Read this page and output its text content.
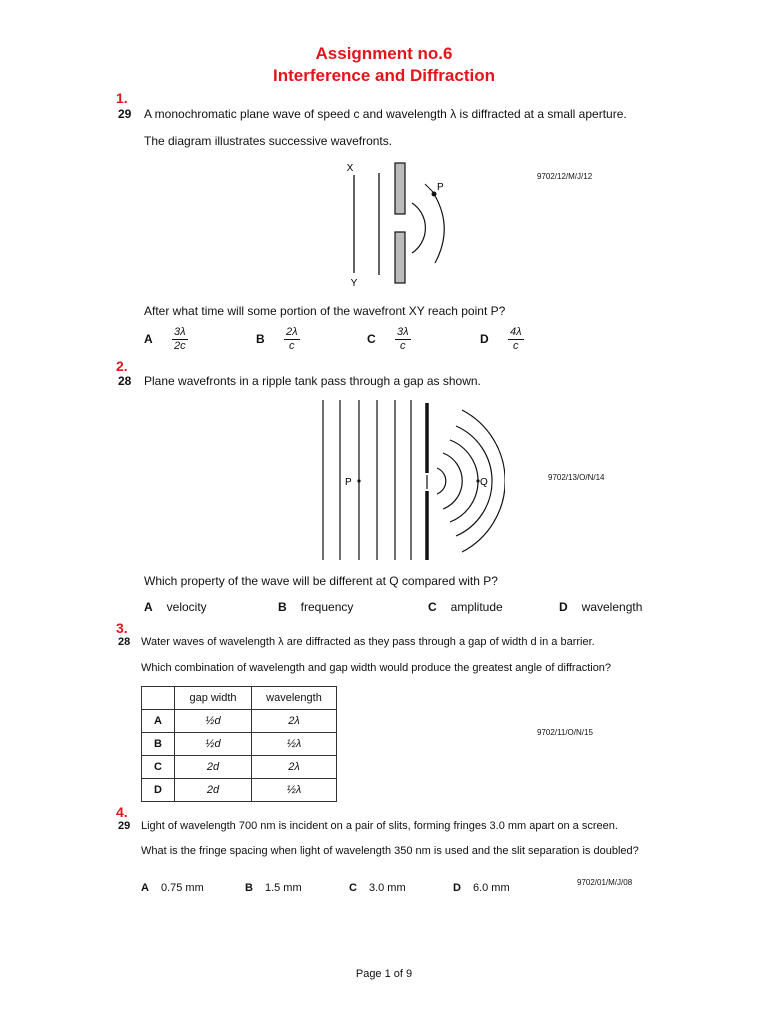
Assignment no.6
Interference and Diffraction
1.
29 A monochromatic plane wave of speed c and wavelength λ is diffracted at a small aperture.
The diagram illustrates successive wavefronts.
9702/12/M/J/12
X
Y
P
After what time will some portion of the wavefront XY reach point P?
A $\frac{3\lambda}{2c}$	B $\frac{2\lambda}{c}$	C $\frac{3\lambda}{c}$	D $\frac{4\lambda}{c}$
2.
28 Plane wavefronts in a ripple tank pass through a gap as shown.
P	Q	9702/13/O/N/14
Which property of the wave will be different at Q compared with P?
A velocity	B frequency	C amplitude	D wavelength
3.
28 Water waves of wavelength λ are diffracted as they pass through a gap of width d in a barrier.
Which combination of wavelength and gap width would produce the greatest angle of diffraction?
	gap width	wavelength
A	½d	2λ
B	½d	½λ
C	2d	2λ
D	2d	½λ
9702/11/O/N/15
4.
29 Light of wavelength 700 nm is incident on a pair of slits, forming fringes 3.0 mm apart on a screen.
What is the fringe spacing when light of wavelength 350 nm is used and the slit separation is doubled?
9702/01/M/J/08
A 0.75 mm	B 1.5 mm	C 3.0 mm	D 6.0 mm
Page 1 of 9
